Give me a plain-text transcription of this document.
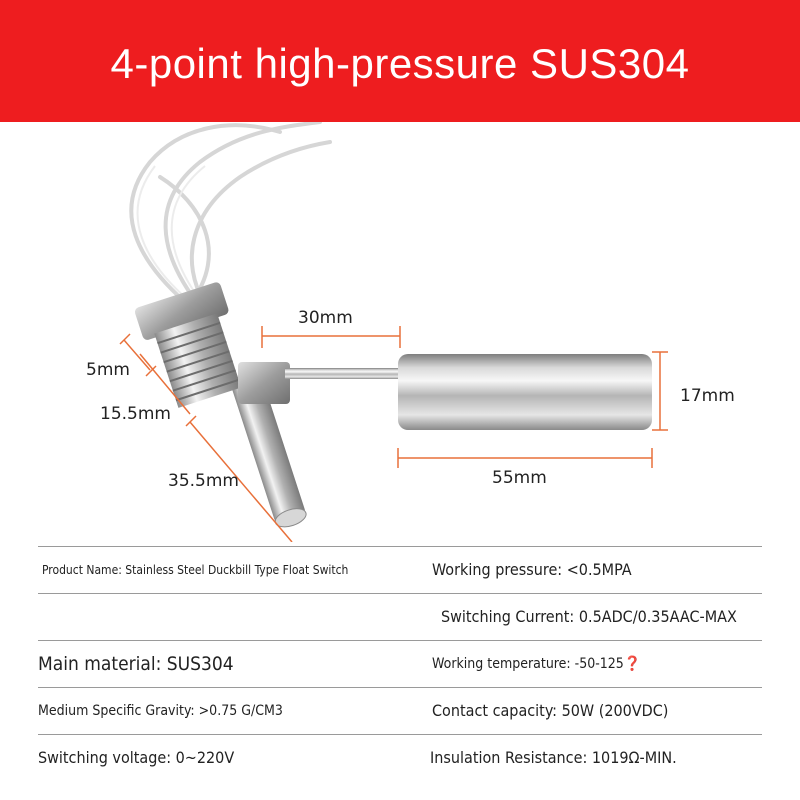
4-point high-pressure SUS304
5mm
15.5mm
35.5mm
30mm
17mm
55mm
Product Name: Stainless Steel Duckbill Type Float Switch	Working pressure: <0.5MPA
Switching Current: 0.5ADC/0.35AAC-MAX
Main material: SUS304	Working temperature: -50-125❓
Medium Specific Gravity: >0.75 G/CM3	Contact capacity: 50W (200VDC)
Switching voltage: 0~220V	Insulation Resistance: 1019Ω-MIN.
